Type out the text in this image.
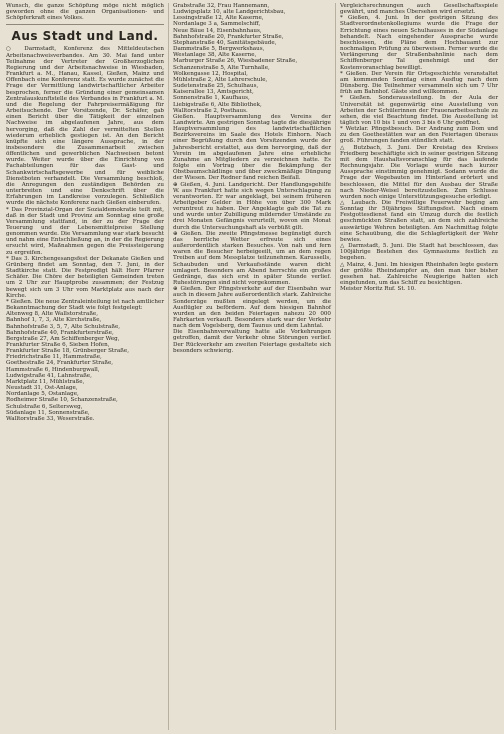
Wunsch, die ganze Schöpfung möge nicht möglich geworden ohne die ganzen Organisationen- und Schöpferkraft eines Volkes.

Aus Stadt und Land.

○ Darmstadt, Konferenz des Mitteldeutschen Arbeitsnachweisverbandes. Am 30. Mai fand unter Teilnahme der Vertreter der Großherzoglichen Regierung und der Arbeitsnachweise in Wiesbaden, Frankfurt a. M., Hanau, Kassel, Gießen, Mainz und Offenbach eine Konferenz statt. Es wurde zunächst die Frage der Vermittlung landwirtschaftlicher Arbeiter besprochen, ferner die Gründung einer gemeinsamen Zentralauskunftstelle des Verbandes in Frankfurt a. M. und die Regelung der Fahrpreisermäßigung für Arbeitsuchende. Der Vorsitzende, Dr. Schäfer, gab einen Bericht über die Tätigkeit der einzelnen Nachweise im abgelaufenen Jahre, aus dem hervorging, daß die Zahl der vermittelten Stellen wiederum erheblich gestiegen ist. An den Bericht knüpfte sich eine längere Aussprache, in der insbesondere die Zusammenarbeit zwischen öffentlichen und gewerblichen Nachweisen betont wurde. Weiter wurde über die Einrichtung von Fachabteilungen für das Gast- und Schankwirtschaftsgewerbe und für weibliche Dienstboten verhandelt. Die Versammlung beschloß, die Anregungen den zuständigen Behörden zu unterbreiten und eine Denkschrift über die Erfahrungen im Landkreise vorzulegen. Schließlich wurde die nächste Konferenz nach Gießen einberufen.

* Das Provinzial-Organ der Sozialdemokratie teilt mit, daß in der Stadt und Provinz am Sonntag eine große Versammlung stattfand, in der zu der Frage der Teuerung und der Lebensmittelpreise Stellung genommen wurde. Die Versammlung war stark besucht und nahm eine Entschließung an, in der die Regierung ersucht wird, Maßnahmen gegen die Preissteigerung zu ergreifen.

* Das 3. Kirchengesangsfest der Dekanate Gießen und Grünberg findet am Sonntag, den 7. Juni, in der Stadtkirche statt. Die Festpredigt hält Herr Pfarrer Schäfer. Die Chöre der beteiligten Gemeinden treten um 2 Uhr zur Hauptprobe zusammen; der Festzug bewegt sich um 3 Uhr vom Marktplatz aus nach der Kirche.

* Gießen. Die neue Zentraleinteilung ist nach amtlicher Bekanntmachung der Stadt wie folgt festgelegt:
Altenweg 8, Alte Wallstorstraße,
Bahnhof 1, 7, 3, Alte Kirchstraße,
Bahnhofstraße 3, 5, 7, Alte Schulstraße,
Bahnhofstraße 40, Frankfurterstraße,
Bergstraße 27, Am Schiffenberger Weg,
Frankfurter Straße 6, Sieben Hofen,
Frankfurter Straße 18, Grünberger Straße,
Friedrichstraße 11, Hammstraße,
Goethestraße 24, Frankfurter Straße,
Hammstraße 6, Hindenburgwall,
Ludwigstraße 41, Lahnstraße,
Marktplatz 11, Mühlstraße,
Neustadt 31, Ost-Anlage,
Nordanlage 5, Ostanlage,
Rodheimer Straße 10, Schanzenstraße,
Schulstraße 6, Seltersweg,
Südanlage 11, Sonnenstraße,
Walltorstraße 33, Weserstraße.

Grabstraße 32, Frau Hannemann,
Ludwigsplatz 10, alte Landgerichtsbau,
Lessingstraße 12, Alte Kaserne,
Nordanlage 3 a, Sammelschiff,
Neue Bäue 14, Eisenbahnhaus,
Bahnhofstraße 20, Frankfurter Straße,
Stephanstraße 40, Sanitätsgebäude,
Dammstraße 5, Bergwerkshaus,
Westanlage 38, Alte Kaserne,
Marburger Straße 26, Wiesbadener Straße,
Schanzenstraße 5, Alte Turnhalle,
Wolkengasse 12, Hospital,
Mühlstraße 2, Alte Lehrerschule,
Sudetenstraße 25, Schulhaus,
Kaiserallee 13, Amtsgericht,
Sonnenstraße 1, Kaufhaus,
Liebigstraße 6, Alte Bibliothek,
Walltorstraße 2, Posthaus.

Gießen. Hauptversammlung des Vereins der Landwirte. Am gestrigen Sonntag tagte die diesjährige Hauptversammlung des landwirtschaftlichen Bezirksvereins im Saale des Hotels Einhorn. Nach einer Begrüßung durch den Vorsitzenden wurde der Jahresbericht erstattet, aus dem hervorging, daß der Verein im abgelaufenen Jahre eine erhebliche Zunahme an Mitgliedern zu verzeichnen hatte. Es folgte ein Vortrag über die Bekämpfung der Obstbaumschädlinge und über zweckmäßige Düngung der Wiesen. Der Redner fand reichen Beifall.

⊕ Gießen, 4. Juni. Landgericht. Der Handlungsgehilfe W. aus Frankfurt hatte sich wegen Unterschlagung zu verantworten. Er war angeklagt, bei seinem früheren Arbeitgeber Gelder in Höhe von über 300 Mark veruntreut zu haben. Der Angeklagte gab die Tat zu und wurde unter Zubilligung mildernder Umstände zu drei Monaten Gefängnis verurteilt, wovon ein Monat durch die Untersuchungshaft als verbüßt gilt.

⊕ Gießen. Die zweite Pfingstmesse begünstigt durch das herrliche Wetter erfreute sich eines außerordentlich starken Besuches. Von nah und fern waren die Besucher herbeigeeilt, um an dem regen Treiben auf dem Messplatze teilzunehmen. Karussells, Schaubuden und Verkaufsstände waren dicht umlagert. Besonders am Abend herrschte ein großes Gedränge, das sich erst in später Stunde verlief. Ruhestörungen sind nicht vorgekommen.

⊕ Gießen. Der Pfingstverkehr auf der Eisenbahn war auch in diesem Jahre außerordentlich stark. Zahlreiche Sonderzüge mußten eingelegt werden, um die Ausflügler zu befördern. Auf dem hiesigen Bahnhof wurden an den beiden Feiertagen nahezu 20 000 Fahrkarten verkauft. Besonders stark war der Verkehr nach dem Vogelsberg, dem Taunus und dem Lahntal.

Die Eisenbahnverwaltung hatte alle Vorkehrungen getroffen, damit der Verkehr ohne Störungen verlief. Der Rückverkehr am zweiten Feiertage gestaltete sich besonders schwierig.

Vergleichsrechnungen auch Gesellschaftsspiele gewährt, und manches Übersehen wird ersetzt.

* Gießen, 4. Juni. In der gestrigen Sitzung des Stadtverordnetenkollegiums wurde die Frage der Errichtung eines neuen Schulhauses in der Südanlage behandelt. Nach eingehender Aussprache wurde beschlossen, die Pläne dem Hochbauamt zur nochmaligen Prüfung zu überweisen. Ferner wurde die Verlängerung der Straßenbahnlinie nach dem Schiffenberger Tal genehmigt und der Kostenvoranschlag bewilligt.

* Gießen. Der Verein für Ortsgeschichte veranstaltet am kommenden Sonntag einen Ausflug nach dem Dünsberg. Die Teilnehmer versammeln sich um 7 Uhr früh am Bahnhof. Gäste sind willkommen.

* Gießen. Sonderausstellung. In der Aula der Universität ist gegenwärtig eine Ausstellung von Arbeiten der Schülerinnen der Frauenarbeitsschule zu sehen, die viel Beachtung findet. Die Ausstellung ist täglich von 10 bis 1 und von 3 bis 6 Uhr geöffnet.

* Wetzlar. Pfingstbesuch. Der Andrang zum Dom und zu den Goethestätten war an den Feiertagen überaus groß. Führungen fanden stündlich statt.

△ Butzbach, 3. Juni. Der Kreistag des Kreises Friedberg beschäftigte sich in seiner gestrigen Sitzung mit dem Haushaltsvoranschlag für das laufende Rechnungsjahr. Die Vorlage wurde nach kurzer Aussprache einstimmig genehmigt. Sodann wurde die Frage der Wegebauten im Hinterland erörtert und beschlossen, die Mittel für den Ausbau der Straße nach Nieder-Weisel bereitzustellen. Zum Schlusse wurden noch einige Unterstützungsgesuche erledigt.

△ Laubach. Die Freiwillige Feuerwehr beging am Sonntag ihr 50jähriges Stiftungsfest. Nach einem Festgottesdienst fand ein Umzug durch die festlich geschmückten Straßen statt, an dem sich zahlreiche auswärtige Wehren beteiligten. Am Nachmittag folgte eine Schauübung, die die Schlagfertigkeit der Wehr bewies.

△ Darmstadt, 5. Juni. Die Stadt hat beschlossen, das 100jährige Bestehen des Gymnasiums festlich zu begehen.

△ Mainz, 4. Juni. Im hiesigen Rheinhafen legte gestern der größte Rheindampfer an, den man hier bisher gesehen hat. Zahlreiche Neugierige hatten sich eingefunden, um das Schiff zu besichtigen.
Meister Moritz Ruf. St. 10.
